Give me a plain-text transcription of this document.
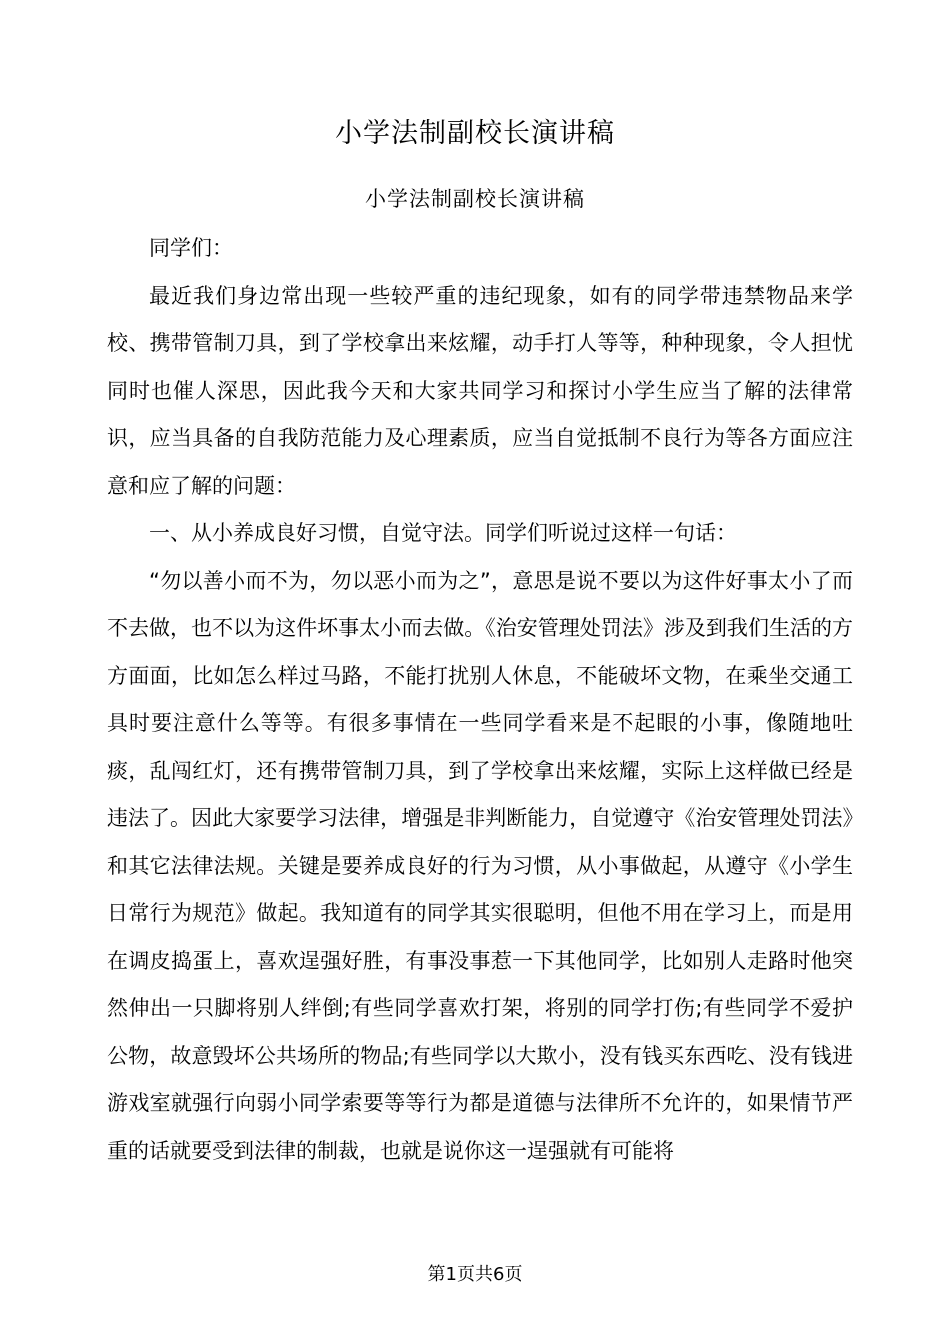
小学法制副校长演讲稿
小学法制副校长演讲稿

同学们：

最近我们身边常出现一些较严重的违纪现象，如有的同学带违禁物品来学校、携带管制刀具，到了学校拿出来炫耀，动手打人等等，种种现象，令人担忧同时也催人深思，因此我今天和大家共同学习和探讨小学生应当了解的法律常识，应当具备的自我防范能力及心理素质，应当自觉抵制不良行为等各方面应注意和应了解的问题：

一、从小养成良好习惯，自觉守法。同学们听说过这样一句话：

“勿以善小而不为，勿以恶小而为之”，意思是说不要以为这件好事太小了而不去做，也不以为这件坏事太小而去做。《治安管理处罚法》涉及到我们生活的方方面面，比如怎么样过马路，不能打扰别人休息，不能破坏文物，在乘坐交通工具时要注意什么等等。有很多事情在一些同学看来是不起眼的小事，像随地吐痰，乱闯红灯，还有携带管制刀具，到了学校拿出来炫耀，实际上这样做已经是违法了。因此大家要学习法律，增强是非判断能力，自觉遵守《治安管理处罚法》和其它法律法规。关键是要养成良好的行为习惯，从小事做起，从遵守《小学生日常行为规范》做起。我知道有的同学其实很聪明，但他不用在学习上，而是用在调皮捣蛋上，喜欢逞强好胜，有事没事惹一下其他同学，比如别人走路时他突然伸出一只脚将别人绊倒;有些同学喜欢打架，将别的同学打伤;有些同学不爱护公物，故意毁坏公共场所的物品;有些同学以大欺小，没有钱买东西吃、没有钱进游戏室就强行向弱小同学索要等等行为都是道德与法律所不允许的，如果情节严重的话就要受到法律的制裁，也就是说你这一逞强就有可能将

第1页共6页
